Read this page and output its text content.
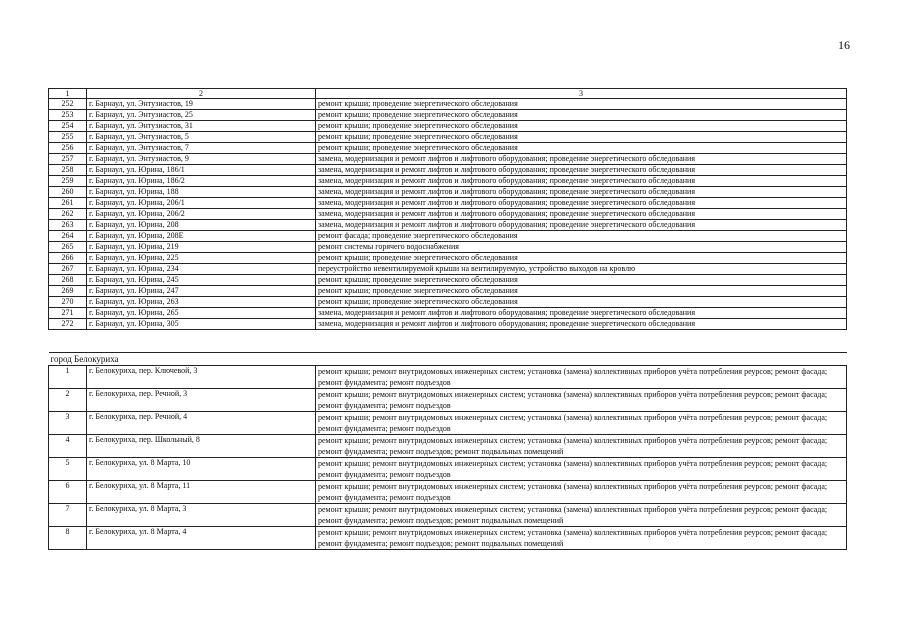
16
1	2	3
252	г. Барнаул, ул. Энтузиастов, 19	ремонт крыши; проведение энергетического обследования
253	г. Барнаул, ул. Энтузиастов, 25	ремонт крыши; проведение энергетического обследования
254	г. Барнаул, ул. Энтузиастов, 31	ремонт крыши; проведение энергетического обследования
255	г. Барнаул, ул. Энтузиастов, 5	ремонт крыши; проведение энергетического обследования
256	г. Барнаул, ул. Энтузиастов, 7	ремонт крыши; проведение энергетического обследования
257	г. Барнаул, ул. Энтузиастов, 9	замена, модернизация и ремонт лифтов и лифтового оборудования; проведение энергетического обследования
258	г. Барнаул, ул. Юрина, 186/1	замена, модернизация и ремонт лифтов и лифтового оборудования; проведение энергетического обследования
259	г. Барнаул, ул. Юрина, 186/2	замена, модернизация и ремонт лифтов и лифтового оборудования; проведение энергетического обследования
260	г. Барнаул, ул. Юрина, 188	замена, модернизация и ремонт лифтов и лифтового оборудования; проведение энергетического обследования
261	г. Барнаул, ул. Юрина, 206/1	замена, модернизация и ремонт лифтов и лифтового оборудования; проведение энергетического обследования
262	г. Барнаул, ул. Юрина, 206/2	замена, модернизация и ремонт лифтов и лифтового оборудования; проведение энергетического обследования
263	г. Барнаул, ул. Юрина, 208	замена, модернизация и ремонт лифтов и лифтового оборудования; проведение энергетического обследования
264	г. Барнаул, ул. Юрина, 208Е	ремонт фасада; проведение энергетического обследования
265	г. Барнаул, ул. Юрина, 219	ремонт системы горячего водоснабжения
266	г. Барнаул, ул. Юрина, 225	ремонт крыши; проведение энергетического обследования
267	г. Барнаул, ул. Юрина, 234	переустройство невентилируемой крыши на вентилируемую, устройство выходов на кровлю
268	г. Барнаул, ул. Юрина, 245	ремонт крыши; проведение энергетического обследования
269	г. Барнаул, ул. Юрина, 247	ремонт крыши; проведение энергетического обследования
270	г. Барнаул, ул. Юрина, 263	ремонт крыши; проведение энергетического обследования
271	г. Барнаул, ул. Юрина, 265	замена, модернизация и ремонт лифтов и лифтового оборудования; проведение энергетического обследования
272	г. Барнаул, ул. Юрина, 305	замена, модернизация и ремонт лифтов и лифтового оборудования; проведение энергетического обследования

город Белокуриха		
1	г. Белокуриха, пер. Ключевой, 3	ремонт крыши; ремонт внутридомовых инженерных систем; установка (замена) коллективных приборов учёта потребления реурсов; ремонт фасада; ремонт фундамента; ремонт подъездов
2	г. Белокуриха, пер. Речной, 3	ремонт крыши; ремонт внутридомовых инженерных систем; установка (замена) коллективных приборов учёта потребления реурсов; ремонт фасада; ремонт фундамента; ремонт подъездов
3	г. Белокуриха, пер. Речной, 4	ремонт крыши; ремонт внутридомовых инженерных систем; установка (замена) коллективных приборов учёта потребления реурсов; ремонт фасада; ремонт фундамента; ремонт подъездов
4	г. Белокуриха, пер. Школьный, 8	ремонт крыши; ремонт внутридомовых инженерных систем; установка (замена) коллективных приборов учёта потребления реурсов; ремонт фасада; ремонт фундамента; ремонт подъездов; ремонт подвальных помещений
5	г. Белокуриха, ул. 8 Марта, 10	ремонт крыши; ремонт внутридомовых инженерных систем; установка (замена) коллективных приборов учёта потребления реурсов; ремонт фасада; ремонт фундамента; ремонт подъездов
6	г. Белокуриха, ул. 8 Марта, 11	ремонт крыши; ремонт внутридомовых инженерных систем; установка (замена) коллективных приборов учёта потребления реурсов; ремонт фасада; ремонт фундамента; ремонт подъездов
7	г. Белокуриха, ул. 8 Марта, 3	ремонт крыши; ремонт внутридомовых инженерных систем; установка (замена) коллективных приборов учёта потребления реурсов; ремонт фасада; ремонт фундамента; ремонт подъездов; ремонт подвальных помещений
8	г. Белокуриха, ул. 8 Марта, 4	ремонт крыши; ремонт внутридомовых инженерных систем; установка (замена) коллективных приборов учёта потребления реурсов; ремонт фасада; ремонт фундамента; ремонт подъездов; ремонт подвальных помещений
